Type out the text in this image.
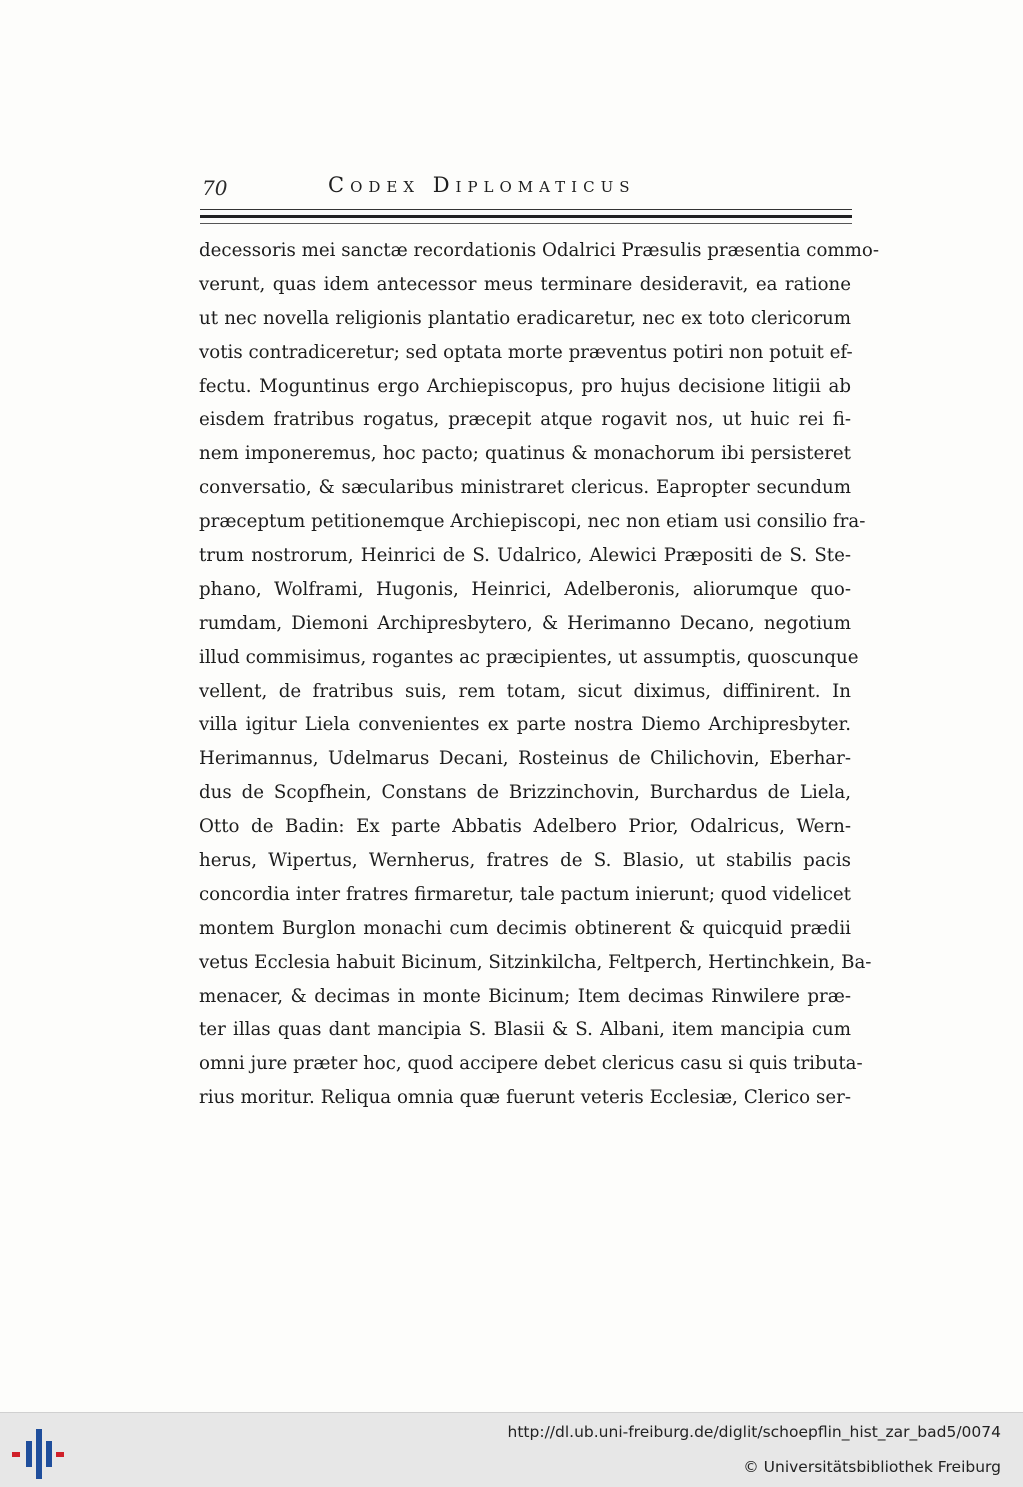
70	Codex Diplomaticus
decessoris mei sanctæ recordationis Odalrici Præsulis præsentia commo-
verunt, quas idem antecessor meus terminare desideravit, ea ratione
ut nec novella religionis plantatio eradicaretur, nec ex toto clericorum
votis contradiceretur; sed optata morte præventus potiri non potuit ef-
fectu. Moguntinus ergo Archiepiscopus, pro hujus decisione litigii ab
eisdem fratribus rogatus, præcepit atque rogavit nos, ut huic rei fi-
nem imponeremus, hoc pacto; quatinus & monachorum ibi persisteret
conversatio, & sæcularibus ministraret clericus. Eapropter secundum
præceptum petitionemque Archiepiscopi, nec non etiam usi consilio fra-
trum nostrorum, Heinrici de S. Udalrico, Alewici Præpositi de S. Ste-
phano, Wolframi, Hugonis, Heinrici, Adelberonis, aliorumque quo-
rumdam, Diemoni Archipresbytero, & Herimanno Decano, negotium
illud commisimus, rogantes ac præcipientes, ut assumptis, quoscunque
vellent, de fratribus suis, rem totam, sicut diximus, diffinirent. In
villa igitur Liela convenientes ex parte nostra Diemo Archipresbyter.
Herimannus, Udelmarus Decani, Rosteinus de Chilichovin, Eberhar-
dus de Scopfhein, Constans de Brizzinchovin, Burchardus de Liela,
Otto de Badin: Ex parte Abbatis Adelbero Prior, Odalricus, Wern-
herus, Wipertus, Wernherus, fratres de S. Blasio, ut stabilis pacis
concordia inter fratres firmaretur, tale pactum inierunt; quod videlicet
montem Burglon monachi cum decimis obtinerent & quicquid prædii
vetus Ecclesia habuit Bicinum, Sitzinkilcha, Feltperch, Hertinchkein, Ba-
menacer, & decimas in monte Bicinum; Item decimas Rinwilere præ-
ter illas quas dant mancipia S. Blasii & S. Albani, item mancipia cum
omni jure præter hoc, quod accipere debet clericus casu si quis tributa-
rius moritur. Reliqua omnia quæ fuerunt veteris Ecclesiæ, Clerico ser-
http://dl.ub.uni-freiburg.de/diglit/schoepflin_hist_zar_bad5/0074
© Universitätsbibliothek Freiburg
